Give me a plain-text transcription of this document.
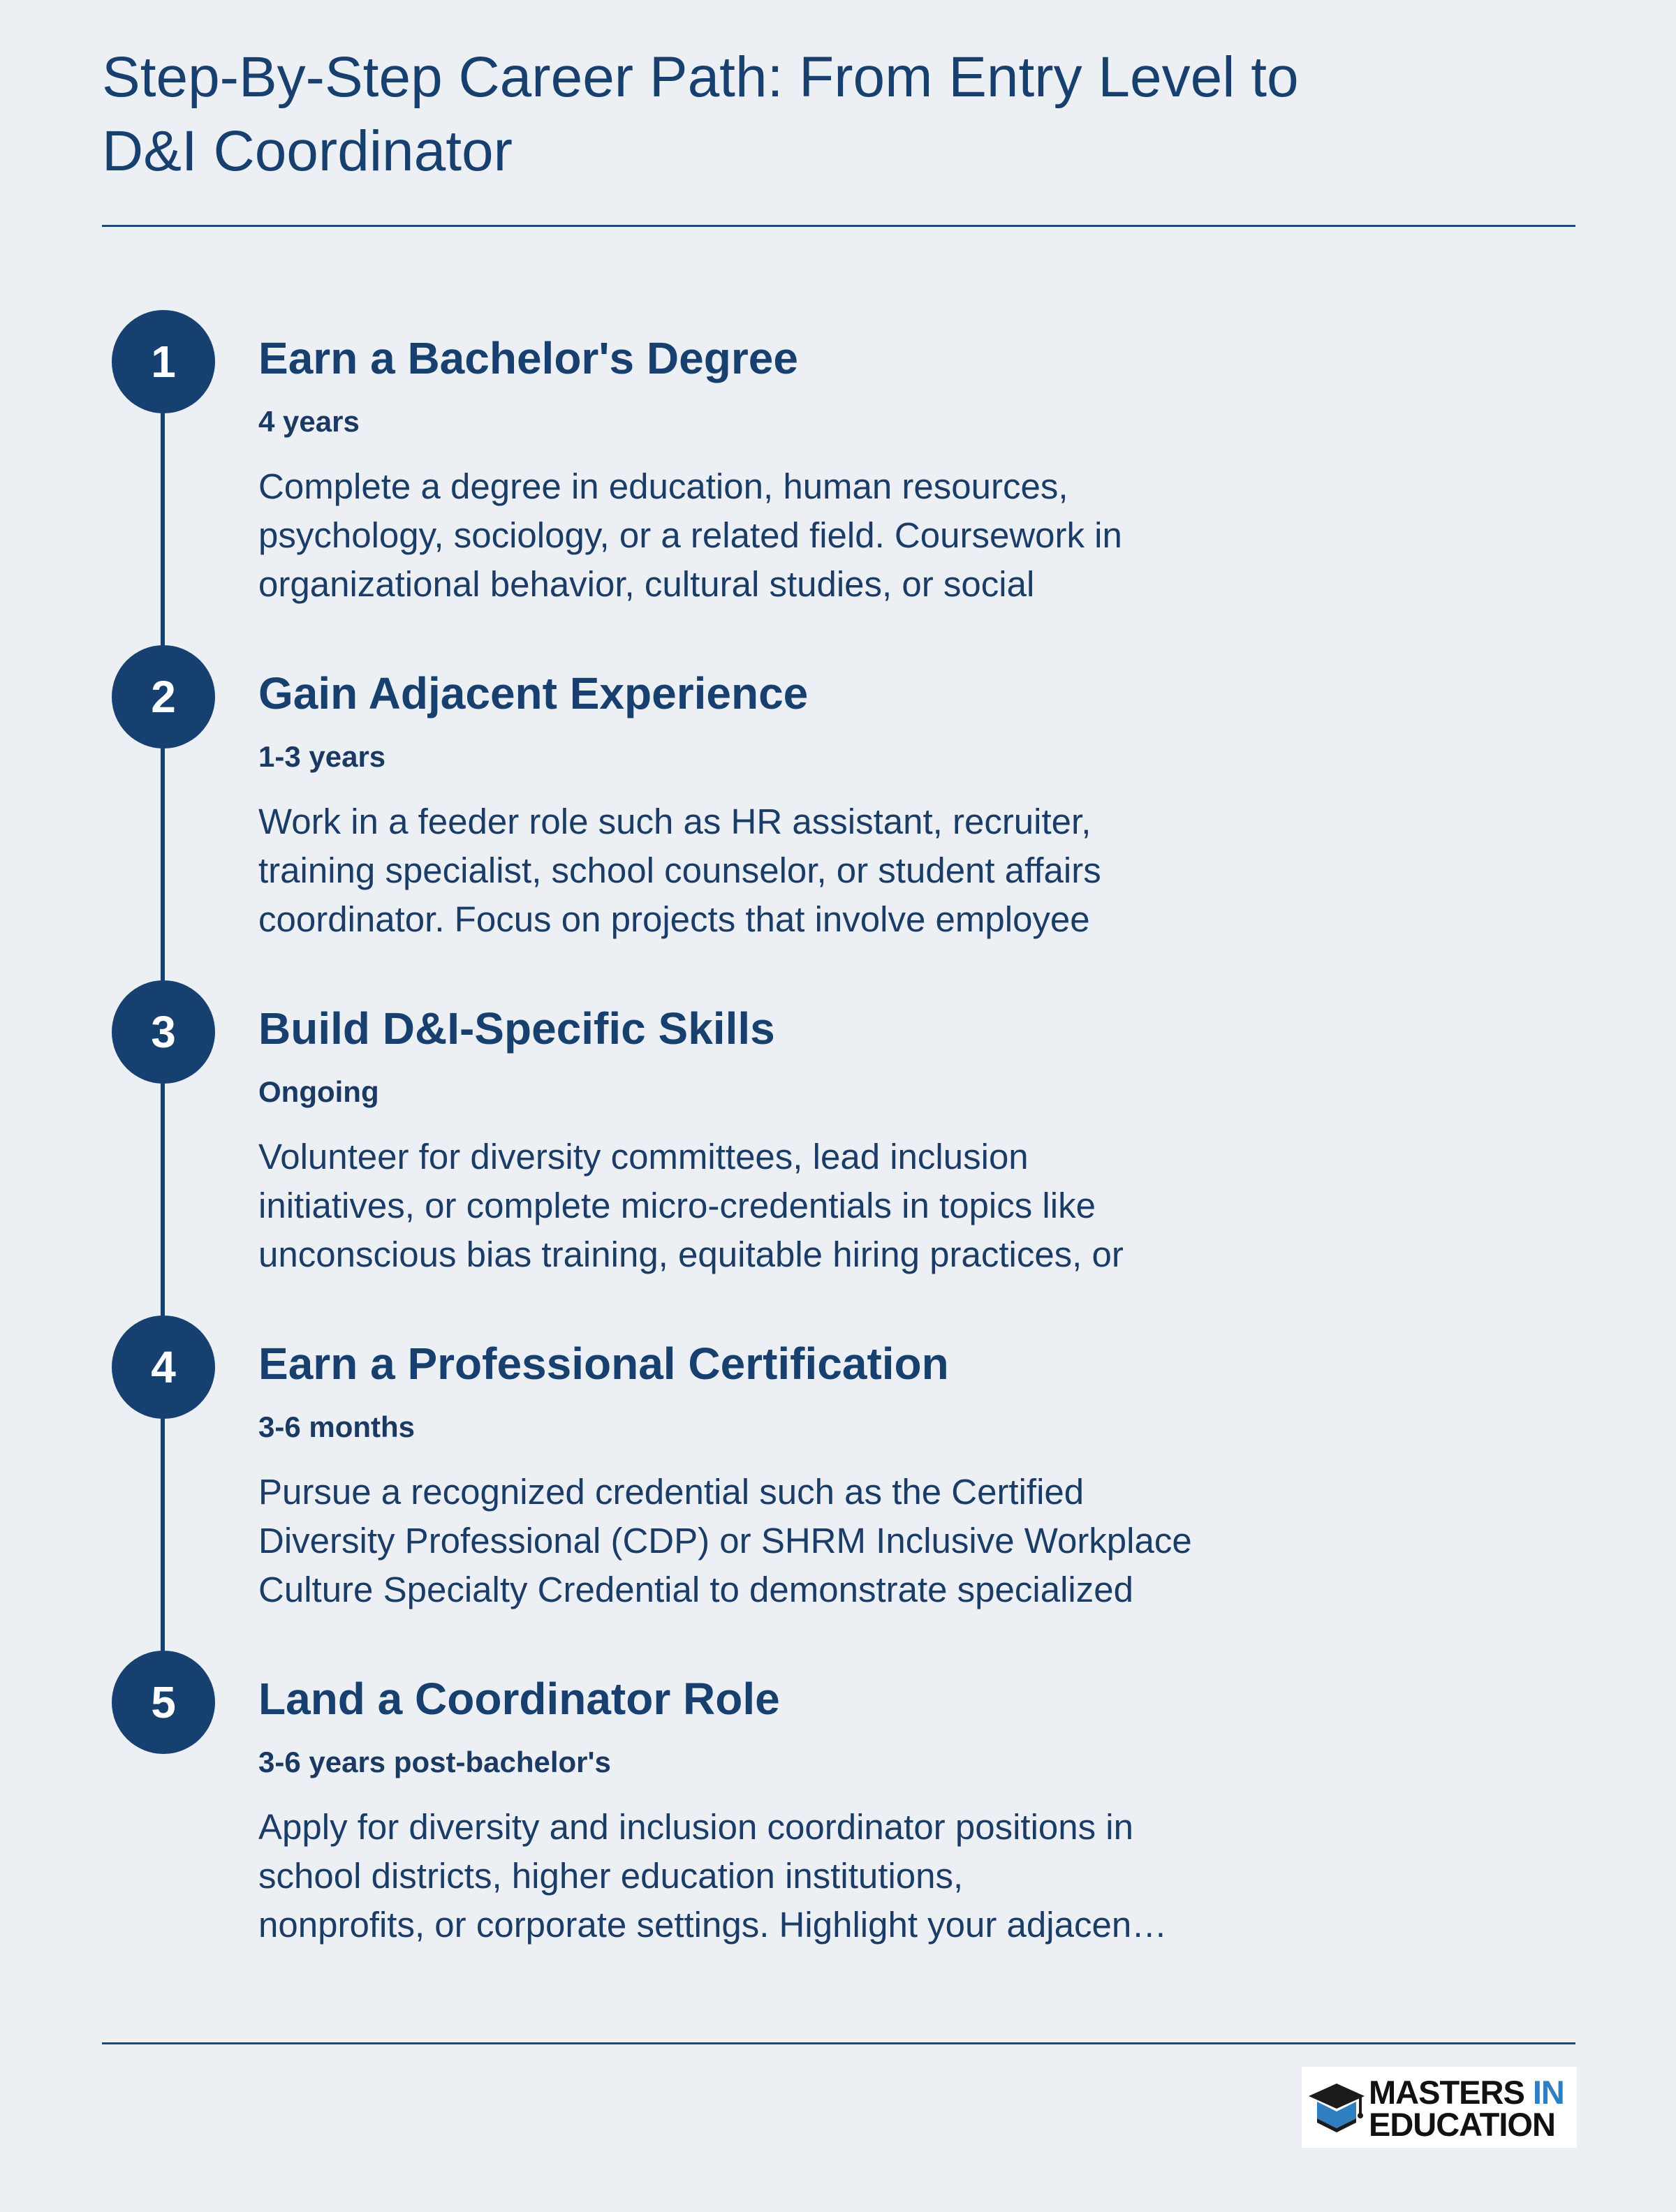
Step-By-Step Career Path: From Entry Level to
D&I Coordinator
1	Earn a Bachelor's Degree
4 years

Complete a degree in education, human resources,
psychology, sociology, or a related field. Coursework in
organizational behavior, cultural studies, or social

2	Gain Adjacent Experience
1-3 years

Work in a feeder role such as HR assistant, recruiter,
training specialist, school counselor, or student affairs
coordinator. Focus on projects that involve employee

3	Build D&I-Specific Skills
Ongoing

Volunteer for diversity committees, lead inclusion
initiatives, or complete micro-credentials in topics like
unconscious bias training, equitable hiring practices, or

4	Earn a Professional Certification
3-6 months

Pursue a recognized credential such as the Certified
Diversity Professional (CDP) or SHRM Inclusive Workplace
Culture Specialty Credential to demonstrate specialized

5	Land a Coordinator Role
3-6 years post-bachelor's

Apply for diversity and inclusion coordinator positions in
school districts, higher education institutions,
nonprofits, or corporate settings. Highlight your adjacen…

MASTERS IN
EDUCATION
